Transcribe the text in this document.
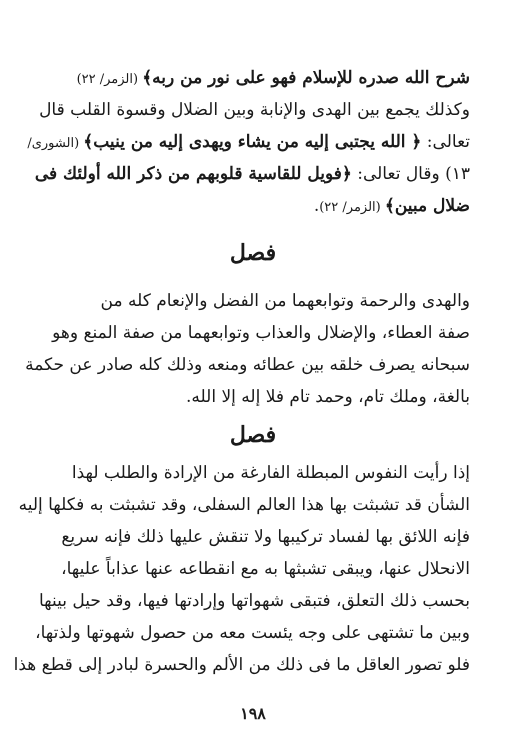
شرح الله صدره للإسلام فهو على نور من ربه﴾ (الزمر/ ٢٢)
وكذلك يجمع بين الهدى والإنابة وبين الضلال وقسوة القلب قال
تعالى: ﴿ الله يجتبى إليه من يشاء ويهدى إليه من ينيب﴾ (الشورى/
١٣) وقال تعالى: ﴿فويل للقاسية قلوبهم من ذكر الله أولئك فى
ضلال مبين﴾ (الزمر/ ٢٢).
فصل
والهدى والرحمة وتوابعهما من الفضل والإنعام كله من
صفة العطاء، والإضلال والعذاب وتوابعهما من صفة المنع وهو
سبحانه يصرف خلقه بين عطائه ومنعه وذلك كله صادر عن حكمة
بالغة، وملك تام، وحمد تام فلا إله إلا الله.
فصل
إذا رأيت النفوس المبطلة الفارغة من الإرادة والطلب لهذا
الشأن قد تشبثت بها هذا العالم السفلى، وقد تشبثت به فكلها إليه
فإنه اللائق بها لفساد تركيبها ولا تنقش عليها ذلك فإنه سريع
الانحلال عنها، ويبقى تشبثها به مع انقطاعه عنها عذاباً عليها،
بحسب ذلك التعلق، فتبقى شهواتها وإرادتها فيها، وقد حيل بينها
وبين ما تشتهى على وجه يئست معه من حصول شهوتها ولذتها،
فلو تصور العاقل ما فى ذلك من الألم والحسرة لبادر إلى قطع هذا
١٩٨
